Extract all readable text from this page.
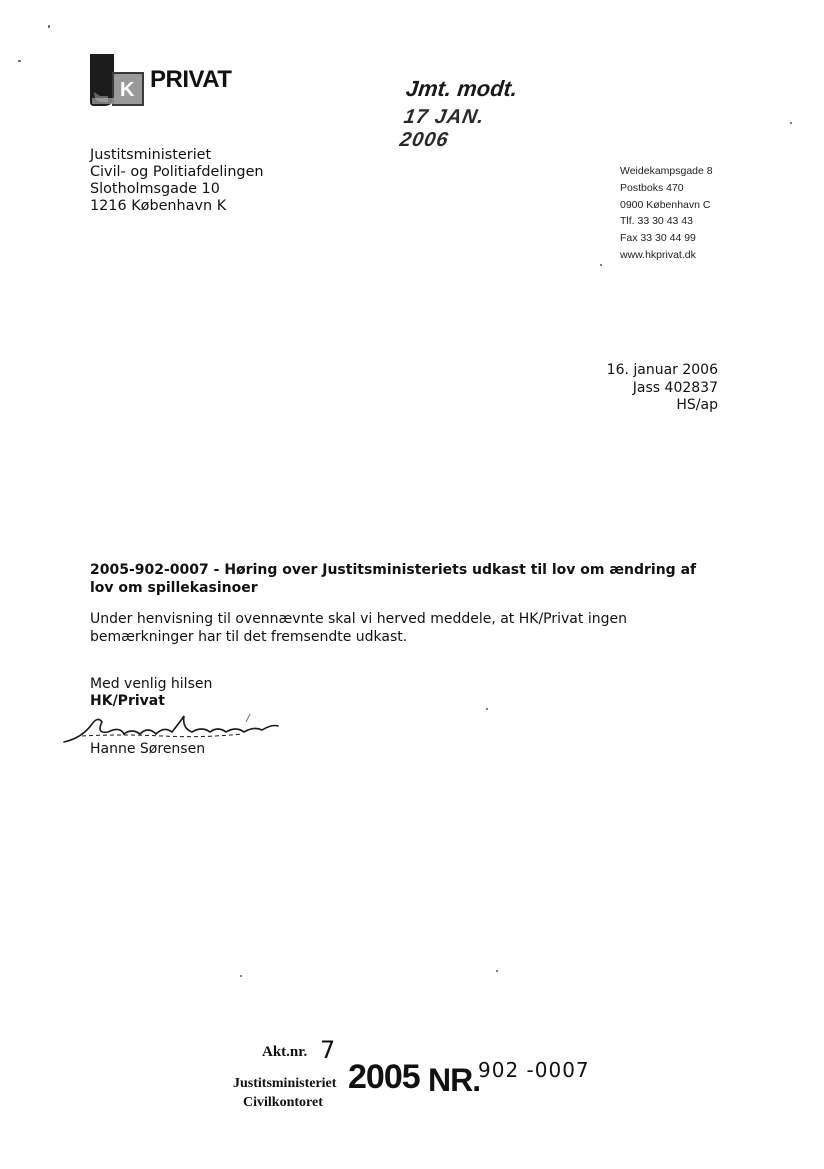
K PRIVAT	Jmt. modt.
17 JAN. 2006
Justitsministeriet
Civil- og Politiafdelingen
Slotholmsgade 10
1216 København K
Weidekampsgade 8
Postboks 470
0900 København C
Tlf. 33 30 43 43
Fax 33 30 44 99
www.hkprivat.dk
16. januar 2006
Jass 402837
HS/ap
2005-902-0007 - Høring over Justitsministeriets udkast til lov om ændring af lov om spillekasinoer
Under henvisning til ovennævnte skal vi herved meddele, at HK/Privat ingen bemærkninger har til det fremsendte udkast.
Med venlig hilsen
HK/Privat
Hanne Sørensen
Akt.nr. 7
Justitsministeriet
Civilkontoret
2005 NR.
902 -0007
